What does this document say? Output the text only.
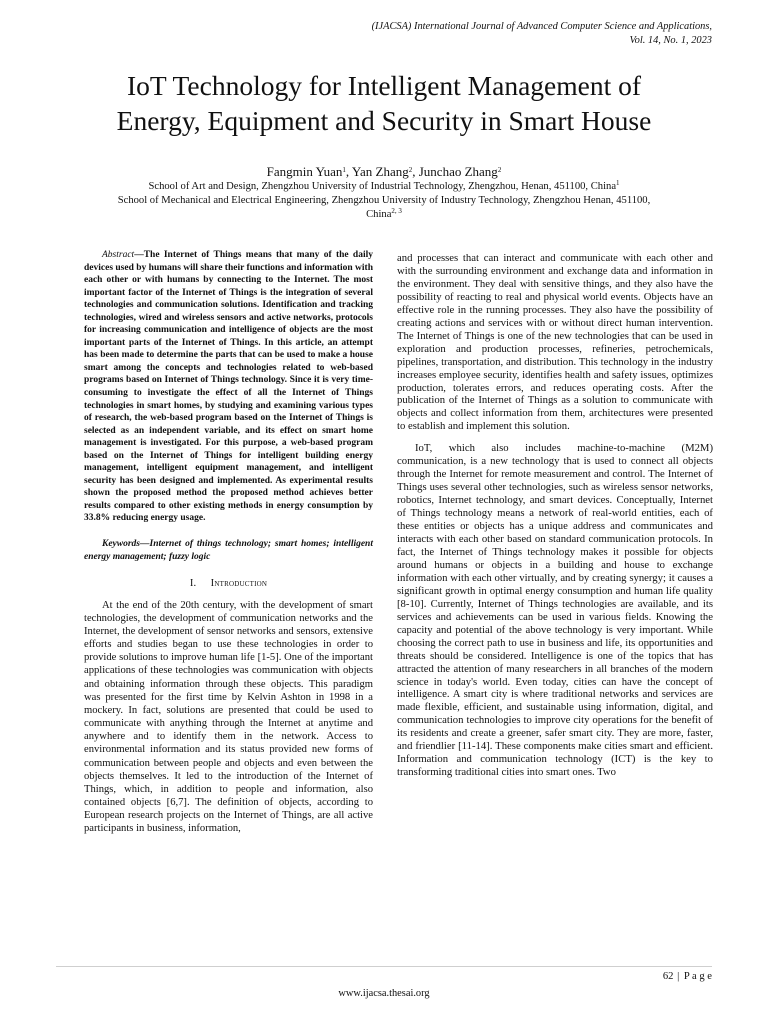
(IJACSA) International Journal of Advanced Computer Science and Applications,
Vol. 14, No. 1, 2023
IoT Technology for Intelligent Management of
Energy, Equipment and Security in Smart House
Fangmin Yuan$^1$, Yan Zhang$^2$, Junchao Zhang$^2$
School of Art and Design, Zhengzhou University of Industrial Technology, Zhengzhou, Henan, 451100, China$^1$
School of Mechanical and Electrical Engineering, Zhengzhou University of Industry Technology, Zhengzhou Henan, 451100,
China$^{2, 3}$

Abstract—The Internet of Things means that many of the daily devices used by humans will share their functions and information with each other or with humans by connecting to the Internet. The most important factor of the Internet of Things is the integration of several technologies and communication solutions. Identification and tracking technologies, wired and wireless sensors and active networks, protocols for increasing communication and intelligence of objects are the most important parts of the Internet of Things. In this article, an attempt has been made to determine the parts that can be used to make a house smart among the concepts and technologies related to web-based programs based on Internet of Things technology. Since it is very time-consuming to investigate the effect of all the Internet of Things technologies in smart homes, by studying and examining various types of research, the web-based program based on the Internet of Things is selected as an independent variable, and its effect on smart home management is investigated. For this purpose, a web-based program based on the Internet of Things for intelligent building energy management, intelligent equipment management, and intelligent security has been designed and implemented. As experimental results shown the proposed method the proposed method achieves better results compared to other existing methods in energy consumption by 33.8% reducing energy usage.

Keywords—Internet of things technology; smart homes; intelligent energy management; fuzzy logic

I. Introduction

At the end of the 20th century, with the development of smart technologies, the development of communication networks and the Internet, the development of sensor networks and sensors, extensive efforts and studies began to use these technologies in order to provide solutions to improve human life [1-5]. One of the important applications of these technologies was communication with objects and obtaining information through these objects. This paradigm was presented for the first time by Kelvin Ashton in 1998 in a mockery. In fact, solutions are presented that could be used to communicate with anything through the Internet at anytime and anywhere and to identify them in the network. Access to environmental information and its status provided new forms of communication between people and objects and even between the objects themselves. It led to the introduction of the Internet of Things, which, in addition to people and information, also contained objects [6,7]. The definition of objects, according to European research projects on the Internet of Things, are all active participants in business, information,

and processes that can interact and communicate with each other and with the surrounding environment and exchange data and information in the environment. They deal with sensitive things, and they also have the possibility of reacting to real and physical world events. Objects have an effective role in the running processes. They also have the possibility of creating actions and services with or without direct human intervention. The Internet of Things is one of the new technologies that can be used in exploration and production processes, refineries, petrochemicals, pipelines, transportation, and distribution. This technology in the industry increases employee security, identifies health and safety issues, optimizes production, tolerates errors, and reduces operating costs. After the publication of the Internet of Things as a solution to communicate with objects and collect information from them, architectures were presented to establish and implement this solution.

IoT, which also includes machine-to-machine (M2M) communication, is a new technology that is used to connect all objects through the Internet for remote measurement and control. The Internet of Things uses several other technologies, such as wireless sensor networks, robotics, Internet technology, and smart devices. Conceptually, Internet of Things technology means a network of real-world entities, each of these entities or objects has a unique address and communicates and interacts with each other based on standard communication protocols. In fact, the Internet of Things technology makes it possible for objects around humans or objects in a building and house to exchange information with each other virtually, and by creating synergy; it causes a significant growth in optimal energy consumption and human life quality [8-10]. Currently, Internet of Things technologies are available, and its services and achievements can be used in various fields. Knowing the capacity and potential of the above technology is very important. While choosing the correct path to use in business and life, its opportunities and threats should be considered. Intelligence is one of the topics that has attracted the attention of many researchers in all branches of the modern science in today's world. Even today, cities can have the concept of intelligence. A smart city is where traditional networks and services are made flexible, efficient, and sustainable using information, digital, and communication technologies to improve city operations for the benefit of its residents and create a greener, safer smart city. They are more, faster, and friendlier [11-14]. These components make cities smart and efficient. Information and communication technology (ICT) is the key to transforming traditional cities into smart ones. Two

62 | P a g e
www.ijacsa.thesai.org
